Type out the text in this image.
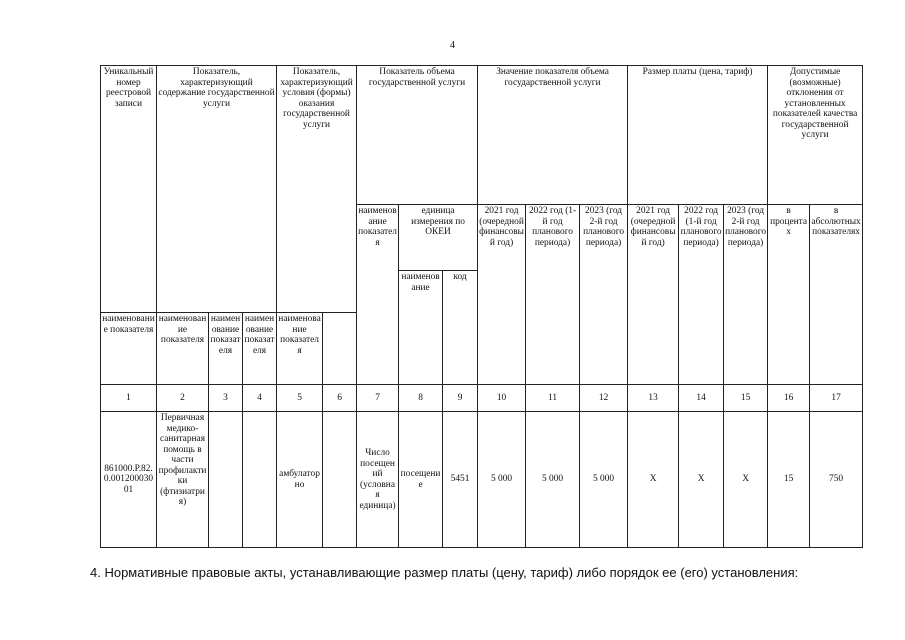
4
Уникальный номер реестровой записи	Показатель, характеризующий содержание государственной услуги			Показатель, характеризующий условия (формы) оказания государственной услуги		Показатель объема государственной услуги			Значение показателя объема государственной услуги			Размер платы (цена, тариф)			Допустимые (возможные) отклонения от установленных показателей качества государственной услуги	
						наименование показателя	единица измерения по ОКЕИ		2021 год (очередной финансовый год)	2022 год (1-й год планового периода)	2023 (год 2-й год планового периода)	2021 год (очередной финансовый год)	2022 год (1-й год планового периода)	2023 (год 2-й год планового периода)	в процентах	в абсолютных показателях
							наименование	код								
наименование показателя	наименование показателя	наименование показателя	наименование показателя	наименование показателя												
1	2	3	4	5	6	7	8	9	10	11	12	13	14	15	16	17
861000.Р.82.0.00120003001	Первичная медико-санитарная помощь в части профилактики (фтизиатрия)			амбулаторно		Число посещений (условная единица)	посещение	5451	5 000	5 000	5 000	Х	Х	Х	15	750
4. Нормативные правовые акты, устанавливающие размер платы (цену, тариф) либо порядок ее (его) установления:
